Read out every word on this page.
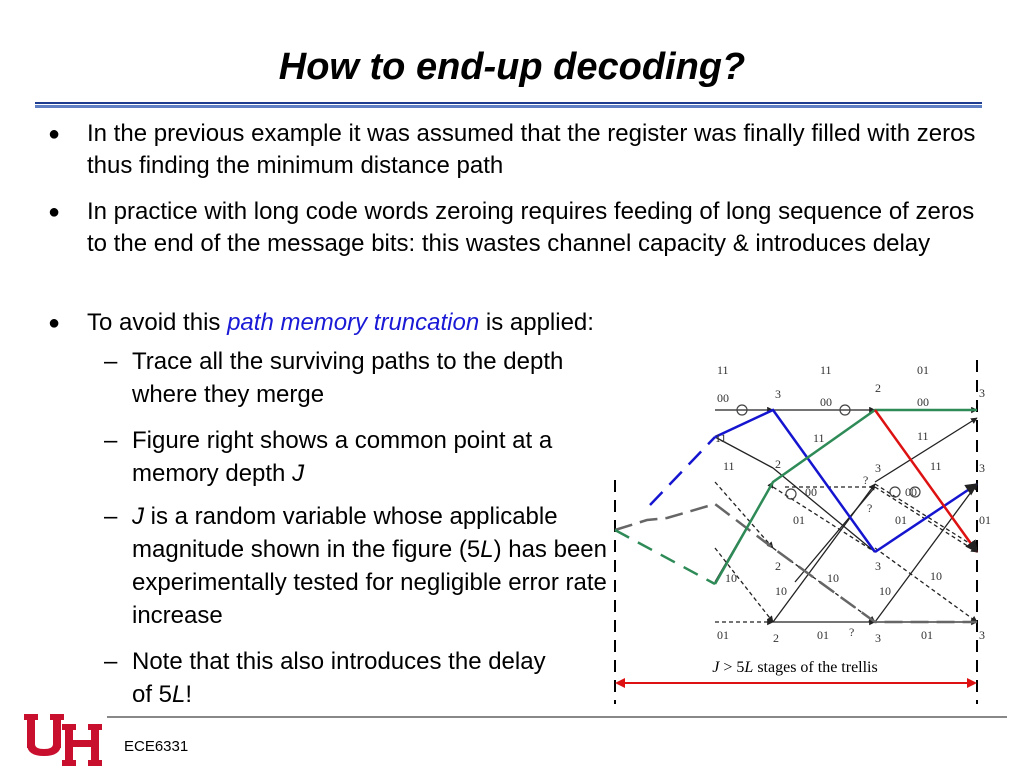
How to end-up decoding?
● In the previous example it was assumed that the register was finally filled with zeros thus finding the minimum distance path
● In practice with long code words zeroing requires feeding of long sequence of zeros to the end of the message bits: this wastes channel capacity & introduces delay
● To avoid this path memory truncation is applied:
– Trace all the surviving paths to the depth where they merge
– Figure right shows a common point at a memory depth J
– J is a random variable whose applicable magnitude shown in the figure (5L) has been experimentally tested for negligible error rate increase
– Note that this also introduces the delay of 5L!
11	11	01
00	3
00
2
00
3
11	11	11
11	11
2	3	3
00	00
?
?
01	01	01
2	3
10	10	10
10	10
01	2	01 ? 3	01	3
J > 5L stages of the trellis
ECE6331
